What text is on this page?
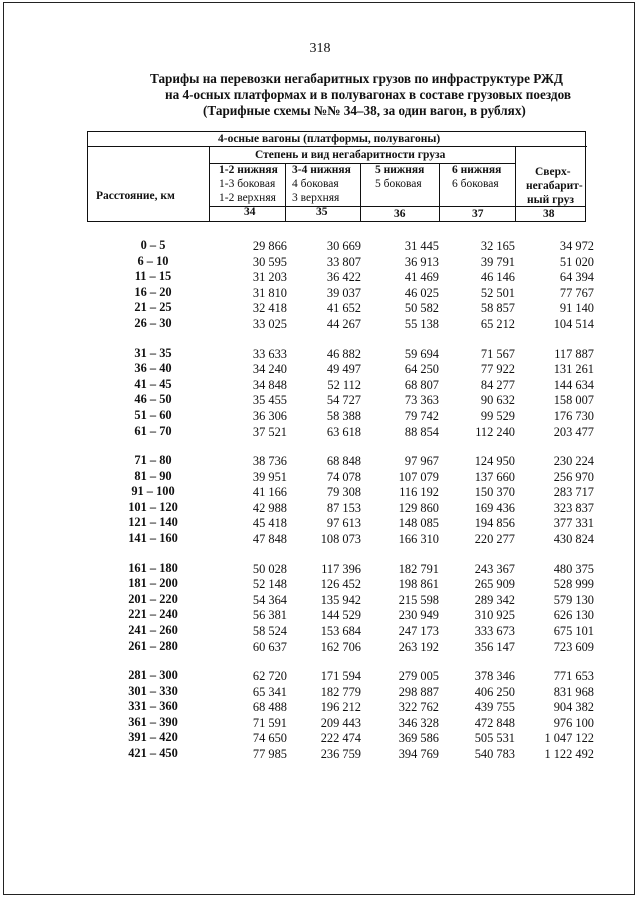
318
Тарифы на перевозки негабаритных грузов по инфраструктуре РЖД
на 4-осных платформах и в полувагонах в составе грузовых поездов
(Тарифные схемы №№ 34–38, за один вагон, в рублях)
4-осные вагоны (платформы, полувагоны)
Степень и вид негабаритности груза
Расстояние, км
1-2 нижняя
1-3 боковая
1-2 верхняя
3-4 нижняя
4 боковая
3 верхняя
5 нижняя
5 боковая
6 нижняя
6 боковая
Сверх-
негабарит-
ный груз
34	35	36	37	38
0 – 5	29 866	30 669	31 445	32 165	34 972
6 – 10	30 595	33 807	36 913	39 791	51 020
11 – 15	31 203	36 422	41 469	46 146	64 394
16 – 20	31 810	39 037	46 025	52 501	77 767
21 – 25	32 418	41 652	50 582	58 857	91 140
26 – 30	33 025	44 267	55 138	65 212	104 514
31 – 35	33 633	46 882	59 694	71 567	117 887
36 – 40	34 240	49 497	64 250	77 922	131 261
41 – 45	34 848	52 112	68 807	84 277	144 634
46 – 50	35 455	54 727	73 363	90 632	158 007
51 – 60	36 306	58 388	79 742	99 529	176 730
61 – 70	37 521	63 618	88 854	112 240	203 477
71 – 80	38 736	68 848	97 967	124 950	230 224
81 – 90	39 951	74 078	107 079	137 660	256 970
91 – 100	41 166	79 308	116 192	150 370	283 717
101 – 120	42 988	87 153	129 860	169 436	323 837
121 – 140	45 418	97 613	148 085	194 856	377 331
141 – 160	47 848	108 073	166 310	220 277	430 824
161 – 180	50 028	117 396	182 791	243 367	480 375
181 – 200	52 148	126 452	198 861	265 909	528 999
201 – 220	54 364	135 942	215 598	289 342	579 130
221 – 240	56 381	144 529	230 949	310 925	626 130
241 – 260	58 524	153 684	247 173	333 673	675 101
261 – 280	60 637	162 706	263 192	356 147	723 609
281 – 300	62 720	171 594	279 005	378 346	771 653
301 – 330	65 341	182 779	298 887	406 250	831 968
331 – 360	68 488	196 212	322 762	439 755	904 382
361 – 390	71 591	209 443	346 328	472 848	976 100
391 – 420	74 650	222 474	369 586	505 531	1 047 122
421 – 450	77 985	236 759	394 769	540 783	1 122 492
